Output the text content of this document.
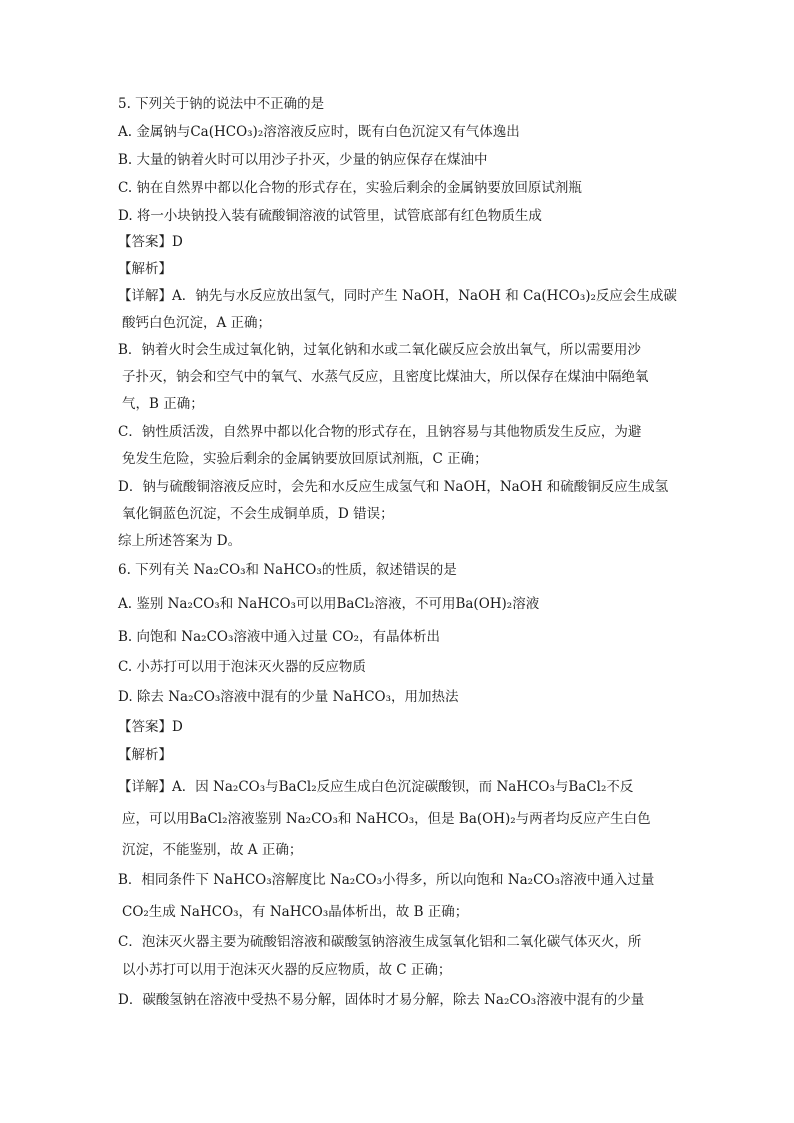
5. 下列关于钠的说法中不正确的是
A. 金属钠与Ca(HCO₃)₂溶溶液反应时，既有白色沉淀又有气体逸出
B. 大量的钠着火时可以用沙子扑灭，少量的钠应保存在煤油中
C. 钠在自然界中都以化合物的形式存在，实验后剩余的金属钠要放回原试剂瓶
D. 将一小块钠投入装有硫酸铜溶液的试管里，试管底部有红色物质生成
【答案】D
【解析】
【详解】A．钠先与水反应放出氢气，同时产生 NaOH，NaOH 和 Ca(HCO₃)₂反应会生成碳
酸钙白色沉淀，A 正确；
B．钠着火时会生成过氧化钠，过氧化钠和水或二氧化碳反应会放出氧气，所以需要用沙
子扑灭，钠会和空气中的氧气、水蒸气反应，且密度比煤油大，所以保存在煤油中隔绝氧
气，B 正确；
C．钠性质活泼，自然界中都以化合物的形式存在，且钠容易与其他物质发生反应，为避
免发生危险，实验后剩余的金属钠要放回原试剂瓶，C 正确；
D．钠与硫酸铜溶液反应时，会先和水反应生成氢气和 NaOH，NaOH 和硫酸铜反应生成氢
氧化铜蓝色沉淀，不会生成铜单质，D 错误；
综上所述答案为 D。
6. 下列有关 Na₂CO₃和 NaHCO₃的性质，叙述错误的是
A. 鉴别 Na₂CO₃和 NaHCO₃可以用BaCl₂溶液，不可用Ba(OH)₂溶液
B. 向饱和 Na₂CO₃溶液中通入过量 CO₂，有晶体析出
C. 小苏打可以用于泡沫灭火器的反应物质
D. 除去 Na₂CO₃溶液中混有的少量 NaHCO₃，用加热法
【答案】D
【解析】
【详解】A．因 Na₂CO₃与BaCl₂反应生成白色沉淀碳酸钡，而 NaHCO₃与BaCl₂不反
应，可以用BaCl₂溶液鉴别 Na₂CO₃和 NaHCO₃，但是 Ba(OH)₂与两者均反应产生白色
沉淀，不能鉴别，故 A 正确；
B．相同条件下 NaHCO₃溶解度比 Na₂CO₃小得多，所以向饱和 Na₂CO₃溶液中通入过量
CO₂生成 NaHCO₃，有 NaHCO₃晶体析出，故 B 正确；
C．泡沫灭火器主要为硫酸铝溶液和碳酸氢钠溶液生成氢氧化铝和二氧化碳气体灭火，所
以小苏打可以用于泡沫灭火器的反应物质，故 C 正确；
D．碳酸氢钠在溶液中受热不易分解，固体时才易分解，除去 Na₂CO₃溶液中混有的少量
